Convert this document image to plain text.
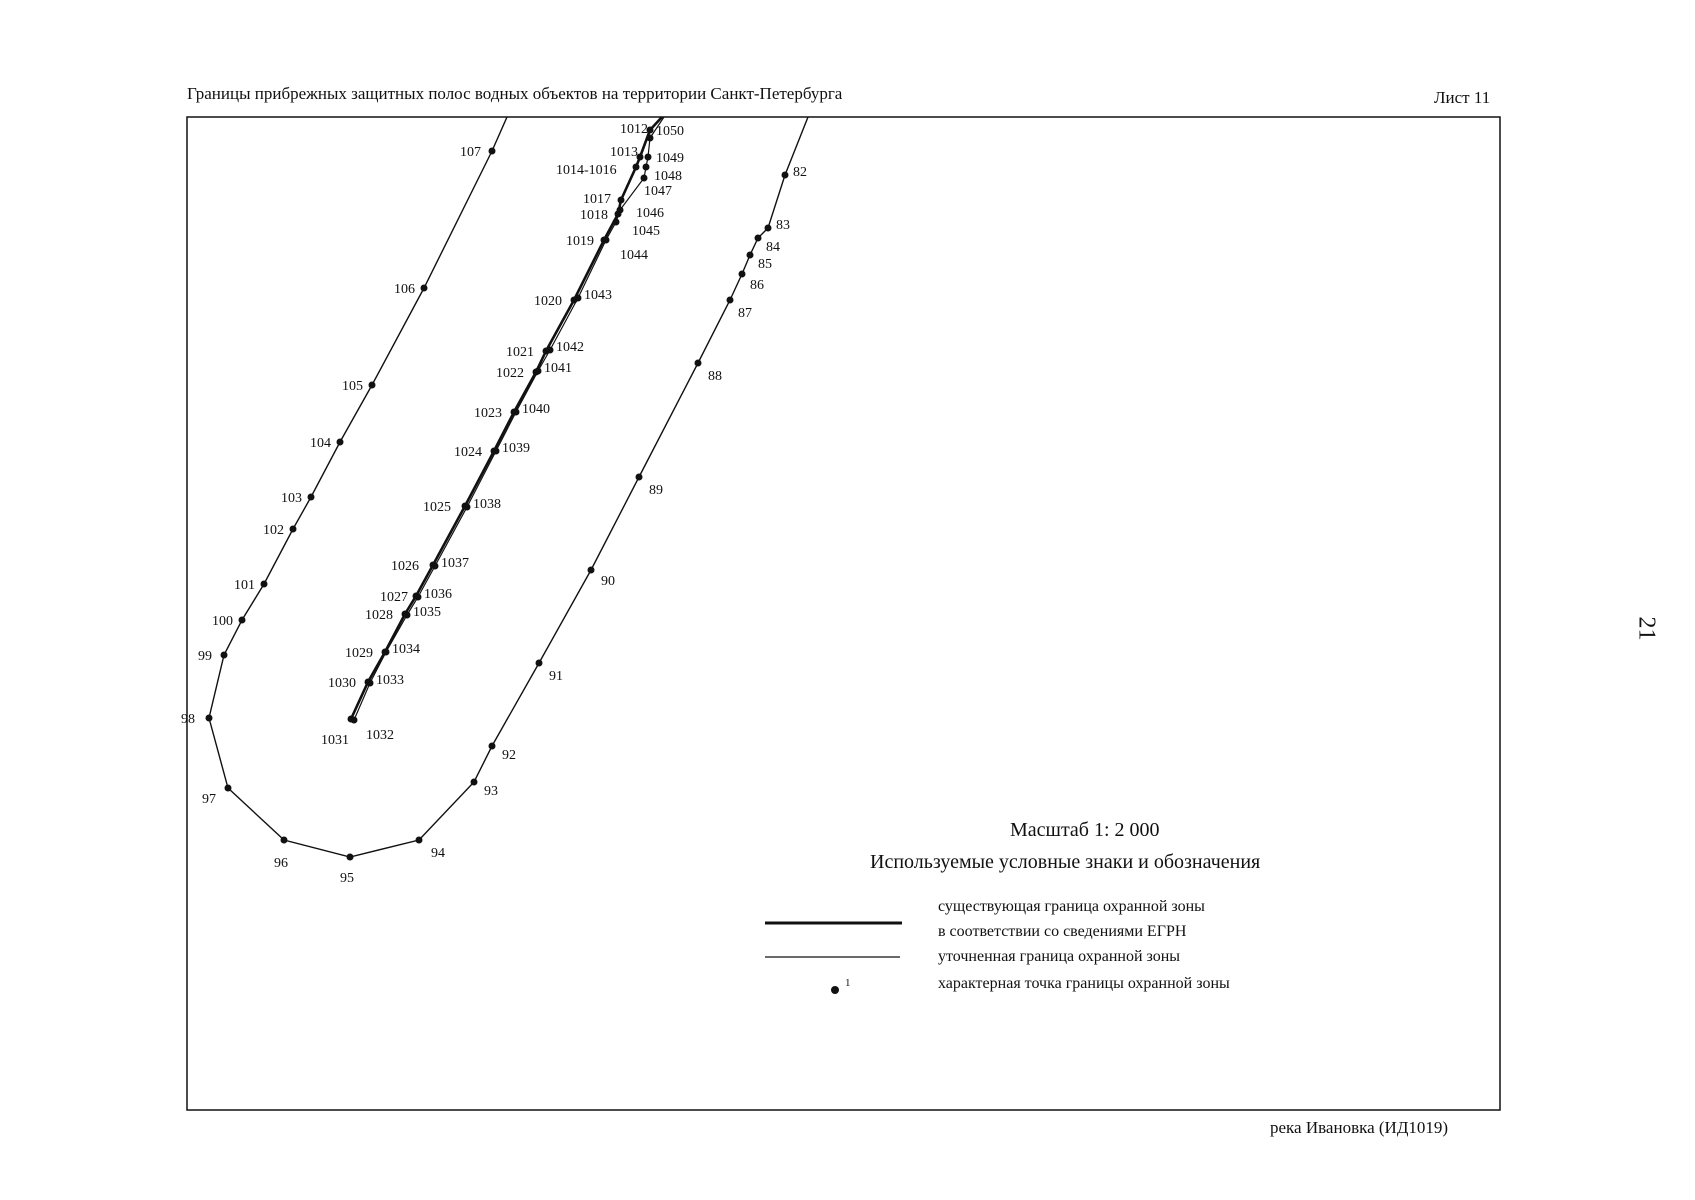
Границы прибрежных защитных полос водных объектов на территории Санкт-Петербурга	Лист 11
река Ивановка (ИД1019)
21
82
83
84
85
86
87
88
89
90
91
92
93
94
95
96
97
98
99
100
101
102
103
104
105
106
107
1012
1013
1014-1016
1017
1018
1019
1020
1021
1022
1023
1024
1025
1026
1027
1028
1029
1030
1031
1050
1049
1048
1047
1046
1045
1044
1043
1042
1041
1040
1039
1038
1037
1036
1035
1034
1033
1032
1
Масштаб 1: 2 000
Используемые условные знаки и обозначения
существующая граница охранной зоны
в соответствии со сведениями ЕГРН
уточненная граница охранной зоны
характерная точка границы охранной зоны
